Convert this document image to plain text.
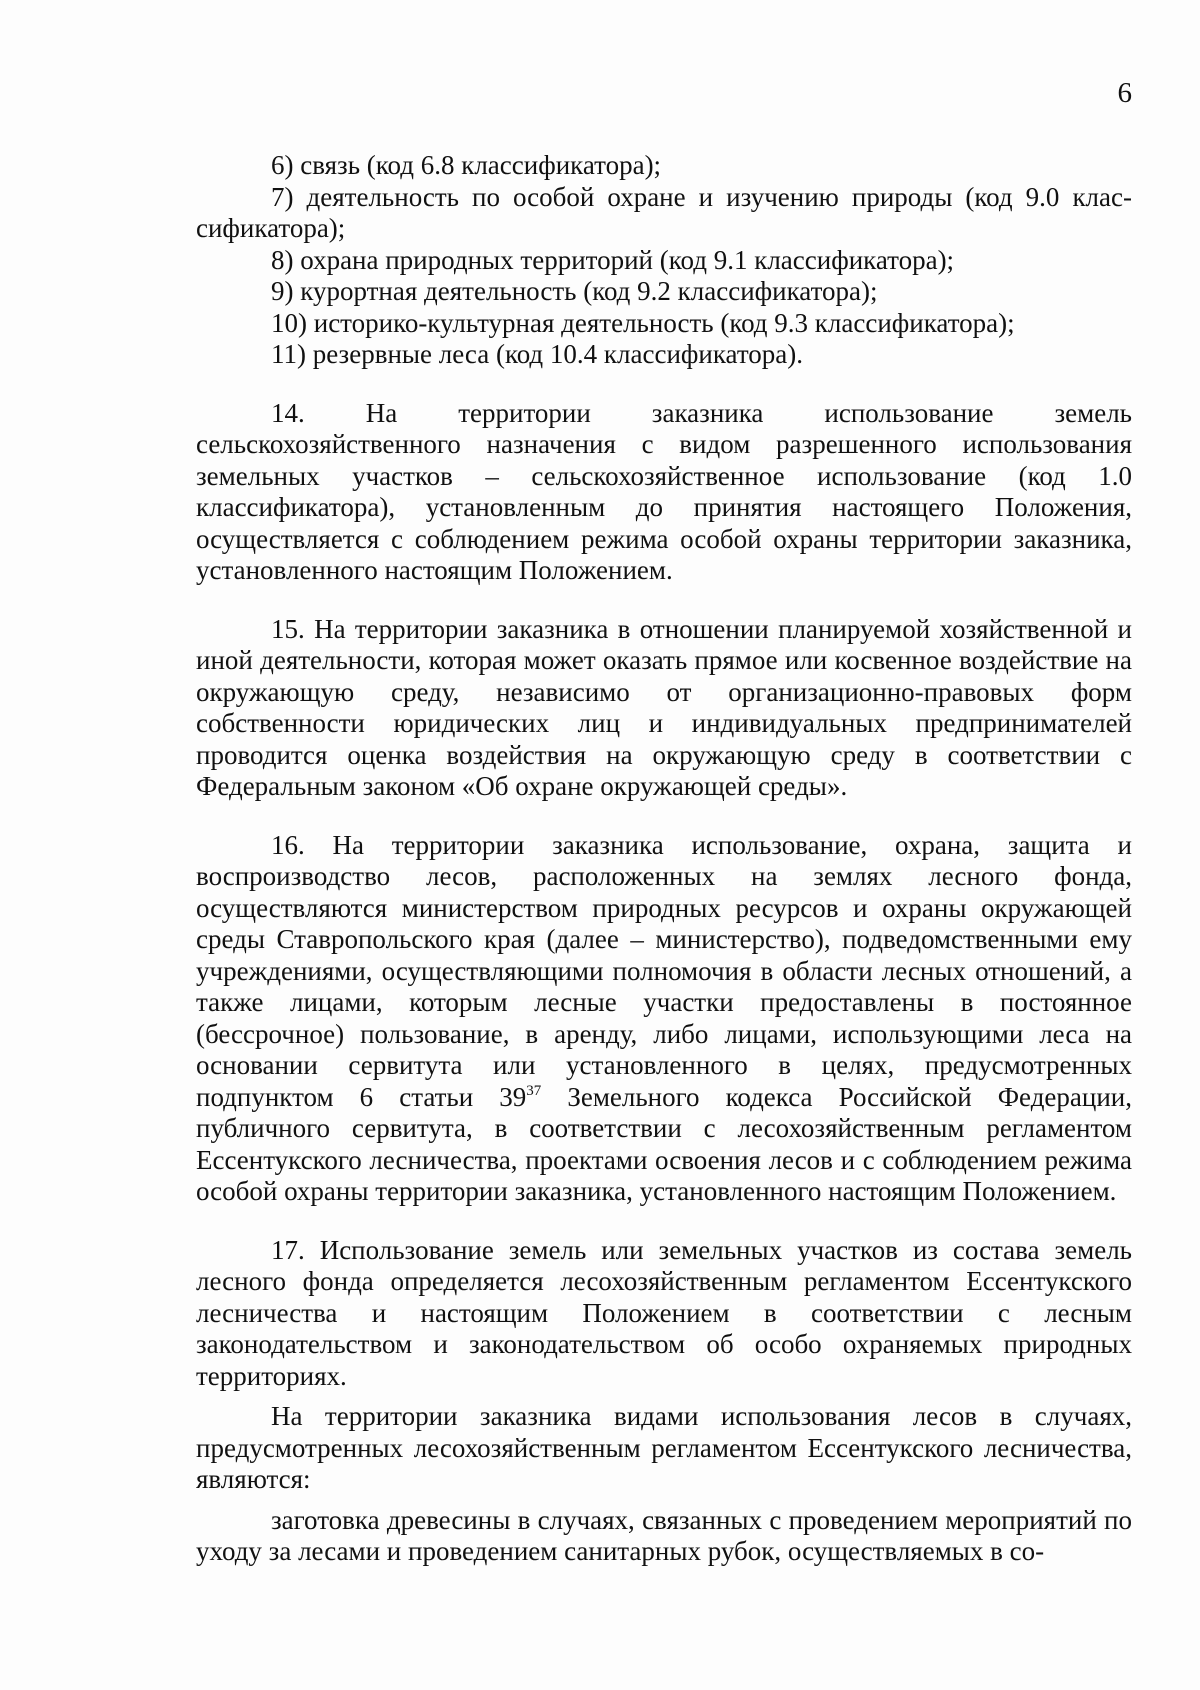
6

6) связь (код 6.8 классификатора);

7) деятельность по особой охране и изучению природы (код 9.0 клас-сификатора);

8) охрана природных территорий (код 9.1 классификатора);

9) курортная деятельность (код 9.2 классификатора);

10) историко-культурная деятельность (код 9.3 классификатора);

11) резервные леса (код 10.4 классификатора).

14. На территории заказника использование земель сельскохозяйственного назначения с видом разрешенного использования земельных участков – сельскохозяйственное использование (код 1.0 классификатора), установленным до принятия настоящего Положения, осуществляется с соблюдением режима особой охраны территории заказника, установленного настоящим Положением.

15. На территории заказника в отношении планируемой хозяйственной и иной деятельности, которая может оказать прямое или косвенное воздействие на окружающую среду, независимо от организационно-правовых форм собственности юридических лиц и индивидуальных предпринимателей проводится оценка воздействия на окружающую среду в соответствии с Федеральным законом «Об охране окружающей среды».

16. На территории заказника использование, охрана, защита и воспроизводство лесов, расположенных на землях лесного фонда, осуществляются министерством природных ресурсов и охраны окружающей среды Ставропольского края (далее – министерство), подведомственными ему учреждениями, осуществляющими полномочия в области лесных отношений, а также лицами, которым лесные участки предоставлены в постоянное (бессрочное) пользование, в аренду, либо лицами, использующими леса на основании сервитута или установленного в целях, предусмотренных подпунктом 6 статьи $39^{37}$ Земельного кодекса Российской Федерации, публичного сервитута, в соответствии с лесохозяйственным регламентом Ессентукского лесничества, проектами освоения лесов и с соблюдением режима особой охраны территории заказника, установленного настоящим Положением.

17. Использование земель или земельных участков из состава земель лесного фонда определяется лесохозяйственным регламентом Ессентукского лесничества и настоящим Положением в соответствии с лесным законодательством и законодательством об особо охраняемых природных территориях.

На территории заказника видами использования лесов в случаях, предусмотренных лесохозяйственным регламентом Ессентукского лесничества, являются:

заготовка древесины в случаях, связанных с проведением мероприятий по уходу за лесами и проведением санитарных рубок, осуществляемых в со-
